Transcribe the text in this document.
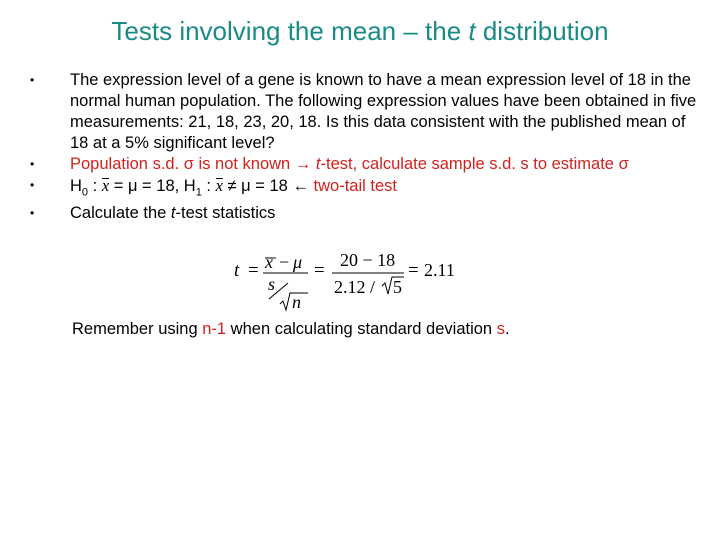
Tests involving the mean – the t distribution
• The expression level of a gene is known to have a mean expression level of 18 in the normal human population. The following expression values have been obtained in five measurements: 21, 18, 23, 20, 18. Is this data consistent with the published mean of 18 at a 5% significant level?
• Population s.d. σ is not known → t-test, calculate sample s.d. s to estimate σ
• $H_0$ : x = μ = 18, $H_1$ : x ≠ μ = 18 ← two-tail test
• Calculate the t-test statistics
t = x − μ
s
n
= 20 − 18
2.12 / 5
= 2.11
Remember using n-1 when calculating standard deviation s.
